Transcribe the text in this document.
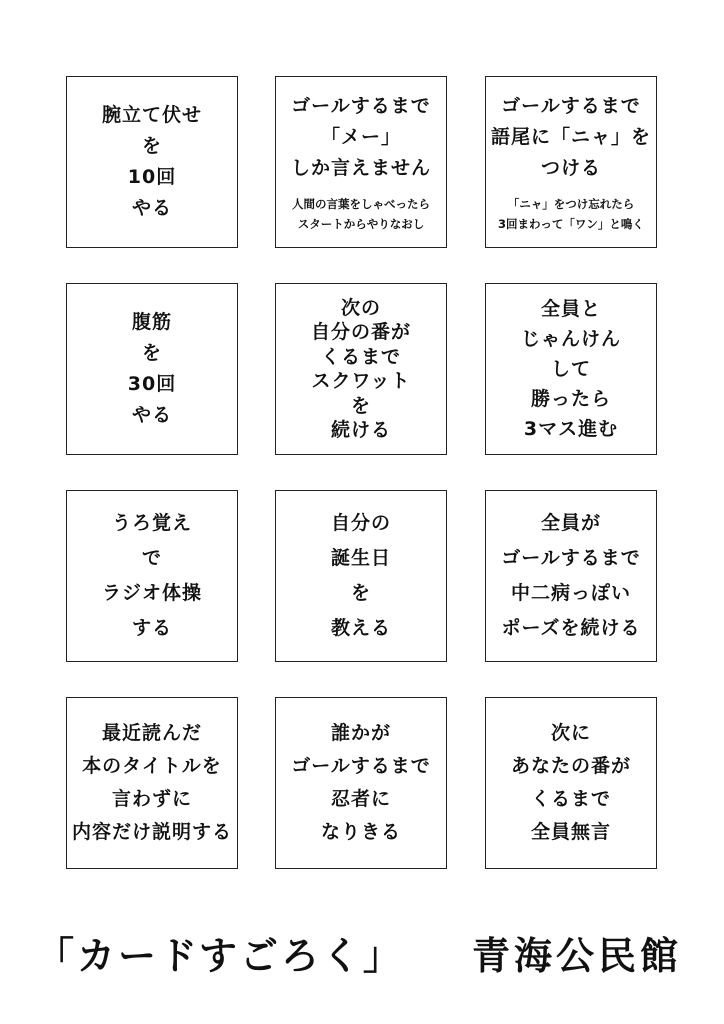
腕立て伏せ
を
10回
やる
ゴールするまで
「メー」
しか言えません
人間の言葉をしゃべったら
スタートからやりなおし
ゴールするまで
語尾に「ニャ」を
つける
「ニャ」をつけ忘れたら
3回まわって「ワン」と鳴く
腹筋
を
30回
やる
次の
自分の番が
くるまで
スクワット
を
続ける
全員と
じゃんけん
して
勝ったら
3マス進む
うろ覚え
で
ラジオ体操
する
自分の
誕生日
を
教える
全員が
ゴールするまで
中二病っぽい
ポーズを続ける
最近読んだ
本のタイトルを
言わずに
内容だけ説明する
誰かが
ゴールするまで
忍者に
なりきる
次に
あなたの番が
くるまで
全員無言
「カードすごろく」 青海公民館
